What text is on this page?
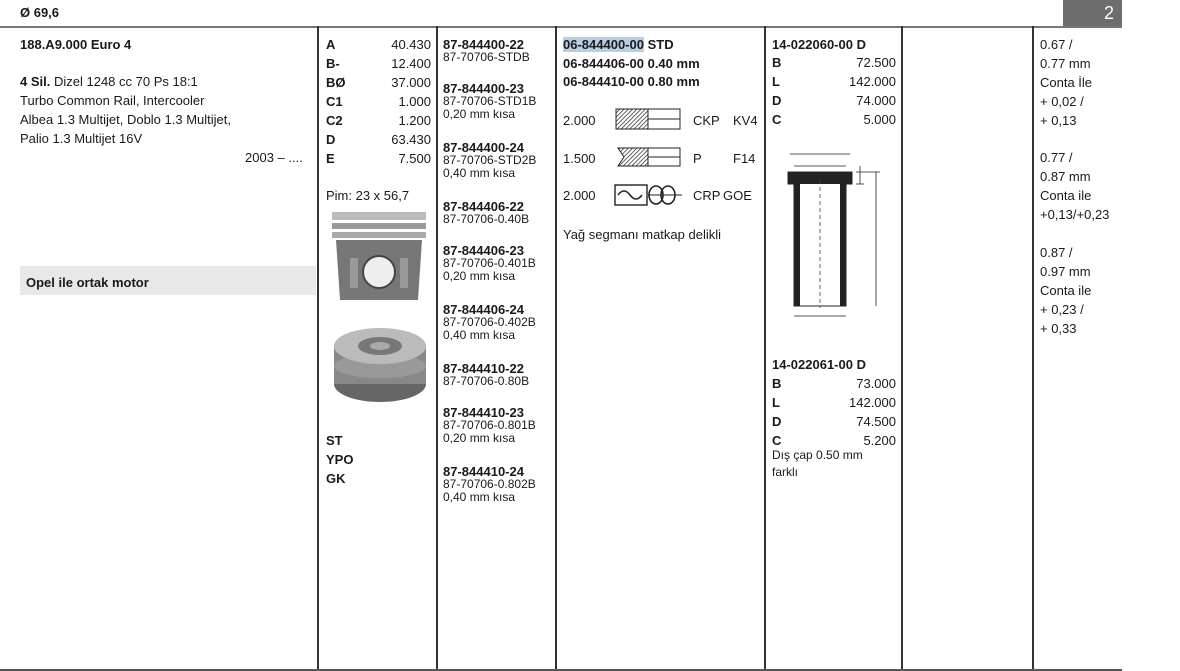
Ø 69,6	2
188.A9.000 Euro 4
4 Sil. Dizel 1248 cc 70 Ps 18:1
Turbo Common Rail, Intercooler
Albea 1.3 Multijet, Doblo 1.3 Multijet,
Palio 1.3 Multijet 16V
2003 – ....
Opel ile ortak motor
A	40.430
B-	12.400
BØ	37.000
C1	1.000
C2	1.200
D	63.430
E	7.500
Pim: 23 x 56,7
ST
YPO
GK
87-844400-22
87-70706-STDB
87-844400-23
87-70706-STD1B
0,20 mm kısa
87-844400-24
87-70706-STD2B
0,40 mm kısa
87-844406-22
87-70706-0.40B
87-844406-23
87-70706-0.401B
0,20 mm kısa
87-844406-24
87-70706-0.402B
0,40 mm kısa
87-844410-22
87-70706-0.80B
87-844410-23
87-70706-0.801B
0,20 mm kısa
87-844410-24
87-70706-0.802B
0,40 mm kısa
06-844400-00 STD
06-844406-00 0.40 mm
06-844410-00 0.80 mm
2.000	CKP KV4
1.500	P F14
2.000	CRP GOE
Yağ segmanı matkap delikli
14-022060-00 D
B	72.500
L	142.000
D	74.000
C	5.000
14-022061-00 D
B	73.000
L	142.000
D	74.500
C	5.200
Dış çap 0.50 mm
farklı
0.67 /
0.77 mm
Conta İle
+ 0,02 /
+ 0,13
0.77 /
0.87 mm
Conta ile
+0,13/+0,23
0.87 /
0.97 mm
Conta ile
+ 0,23 /
+ 0,33
